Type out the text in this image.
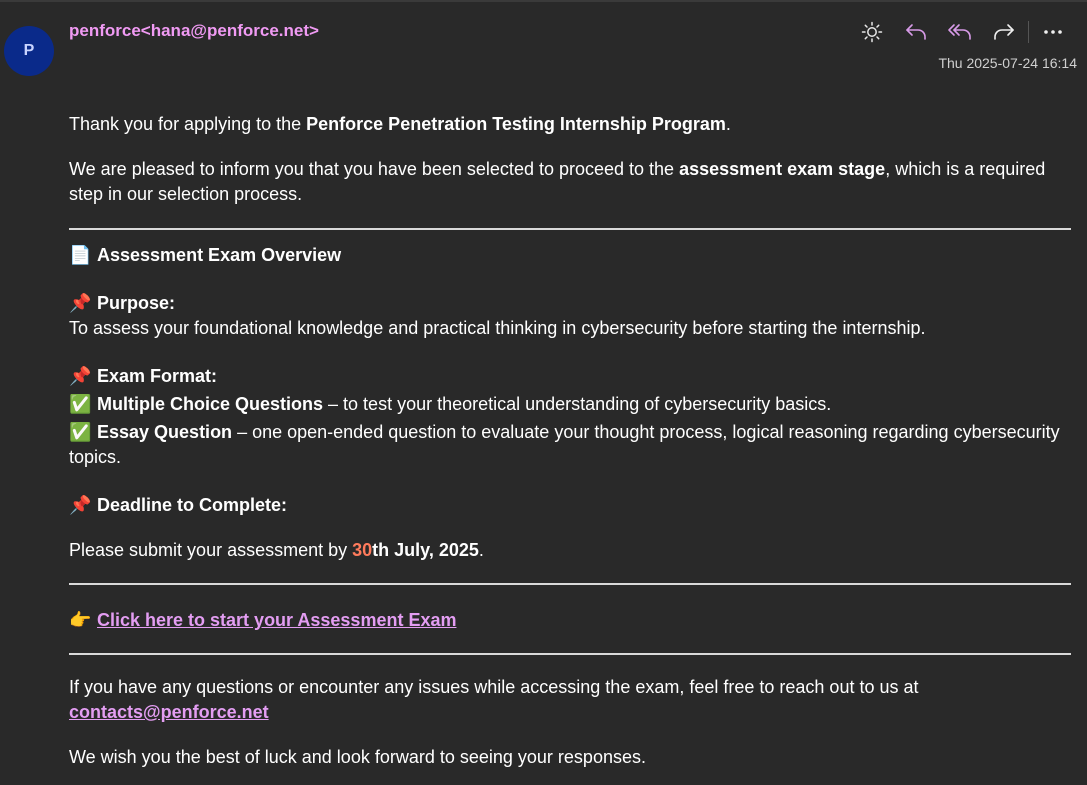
P
penforce<hana@penforce.net>
Thu 2025-07-24 16:14

Thank you for applying to the Penforce Penetration Testing Internship Program.

We are pleased to inform you that you have been selected to proceed to the assessment exam stage, which is a required step in our selection process.

📄 Assessment Exam Overview

📌 Purpose:

To assess your foundational knowledge and practical thinking in cybersecurity before starting the internship.

📌 Exam Format:

✅ Multiple Choice Questions – to test your theoretical understanding of cybersecurity basics.

✅ Essay Question – one open-ended question to evaluate your thought process, logical reasoning regarding cybersecurity topics.

📌 Deadline to Complete:

Please submit your assessment by 30th July, 2025.

👉 Click here to start your Assessment Exam

If you have any questions or encounter any issues while accessing the exam, feel free to reach out to us at contacts@penforce.net

We wish you the best of luck and look forward to seeing your responses.
